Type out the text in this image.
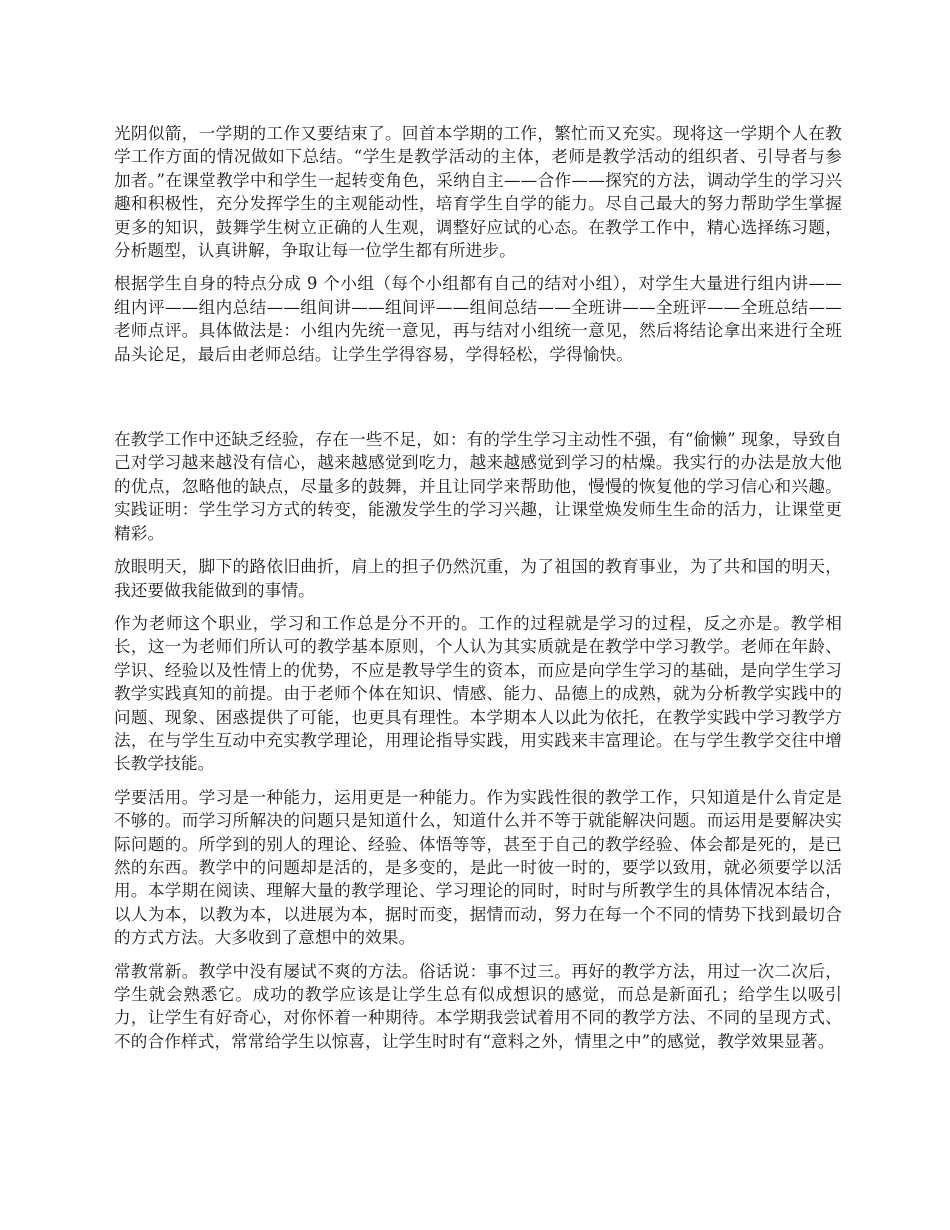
光阴似箭，一学期的工作又要结束了。回首本学期的工作，繁忙而又充实。现将这一学期个人在教学工作方面的情况做如下总结。“学生是教学活动的主体，老师是教学活动的组织者、引导者与参加者。”在课堂教学中和学生一起转变角色，采纳自主——合作——探究的方法，调动学生的学习兴趣和积极性，充分发挥学生的主观能动性，培育学生自学的能力。尽自己最大的努力帮助学生掌握更多的知识，鼓舞学生树立正确的人生观，调整好应试的心态。在教学工作中，精心选择练习题，分析题型，认真讲解，争取让每一位学生都有所进步。

根据学生自身的特点分成 9 个小组（每个小组都有自己的结对小组），对学生大量进行组内讲——组内评——组内总结——组间讲——组间评——组间总结——全班讲——全班评——全班总结——老师点评。具体做法是：小组内先统一意见，再与结对小组统一意见，然后将结论拿出来进行全班品头论足，最后由老师总结。让学生学得容易，学得轻松，学得愉快。

在教学工作中还缺乏经验，存在一些不足，如：有的学生学习主动性不强，有“偷懒” 现象，导致自己对学习越来越没有信心，越来越感觉到吃力，越来越感觉到学习的枯燥。我实行的办法是放大他的优点，忽略他的缺点，尽量多的鼓舞，并且让同学来帮助他，慢慢的恢复他的学习信心和兴趣。实践证明：学生学习方式的转变，能激发学生的学习兴趣，让课堂焕发师生生命的活力，让课堂更精彩。

放眼明天，脚下的路依旧曲折，肩上的担子仍然沉重，为了祖国的教育事业，为了共和国的明天，我还要做我能做到的事情。

作为老师这个职业，学习和工作总是分不开的。工作的过程就是学习的过程，反之亦是。教学相长，这一为老师们所认可的教学基本原则，个人认为其实质就是在教学中学习教学。老师在年龄、学识、经验以及性情上的优势，不应是教导学生的资本，而应是向学生学习的基础，是向学生学习教学实践真知的前提。由于老师个体在知识、情感、能力、品德上的成熟，就为分析教学实践中的问题、现象、困惑提供了可能，也更具有理性。本学期本人以此为依托，在教学实践中学习教学方法，在与学生互动中充实教学理论，用理论指导实践，用实践来丰富理论。在与学生教学交往中增长教学技能。

学要活用。学习是一种能力，运用更是一种能力。作为实践性很的教学工作，只知道是什么肯定是不够的。而学习所解决的问题只是知道什么，知道什么并不等于就能解决问题。而运用是要解决实际问题的。所学到的别人的理论、经验、体悟等等，甚至于自己的教学经验、体会都是死的，是已然的东西。教学中的问题却是活的，是多变的，是此一时彼一时的，要学以致用，就必须要学以活用。本学期在阅读、理解大量的教学理论、学习理论的同时，时时与所教学生的具体情况本结合，以人为本，以教为本，以进展为本，据时而变，据情而动，努力在每一个不同的情势下找到最切合的方式方法。大多收到了意想中的效果。

常教常新。教学中没有屡试不爽的方法。俗话说：事不过三。再好的教学方法，用过一次二次后，学生就会熟悉它。成功的教学应该是让学生总有似成想识的感觉，而总是新面孔；给学生以吸引力，让学生有好奇心，对你怀着一种期待。本学期我尝试着用不同的教学方法、不同的呈现方式、不的合作样式，常常给学生以惊喜，让学生时时有“意料之外，情里之中”的感觉，教学效果显著。
